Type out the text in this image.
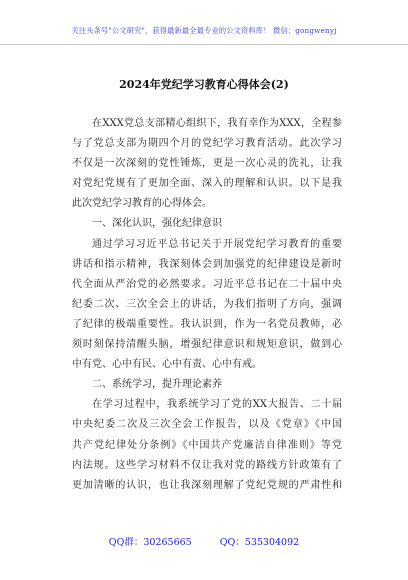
关注头条号"公文研究"，获得最新最全最专业的公文资料库！ 微信：gongwenyj
2024年党纪学习教育心得体会(2)
在XXX党总支部精心组织下，我有幸作为XXX，全程参
与了党总支部为期四个月的党纪学习教育活动。此次学习
不仅是一次深刻的党性锤炼，更是一次心灵的洗礼，让我
对党纪党规有了更加全面、深入的理解和认识。以下是我
此次党纪学习教育的心得体会。
一、深化认识，强化纪律意识
通过学习习近平总书记关于开展党纪学习教育的重要
讲话和指示精神，我深刻体会到加强党的纪律建设是新时
代全面从严治党的必然要求。习近平总书记在二十届中央
纪委二次、三次全会上的讲话，为我们指明了方向，强调
了纪律的极端重要性。我认识到，作为一名党员教师，必
须时刻保持清醒头脑，增强纪律意识和规矩意识，做到心
中有党、心中有民、心中有责、心中有戒。
二、系统学习，提升理论素养
在学习过程中，我系统学习了党的XX大报告、二十届
中央纪委二次及三次全会工作报告，以及《党章》《中国
共产党纪律处分条例》《中国共产党廉洁自律准则》等党
内法规。这些学习材料不仅让我对党的路线方针政策有了
更加清晰的认识，也让我深刻理解了党纪党规的严肃性和
QQ群：30265665	QQ：535304092
